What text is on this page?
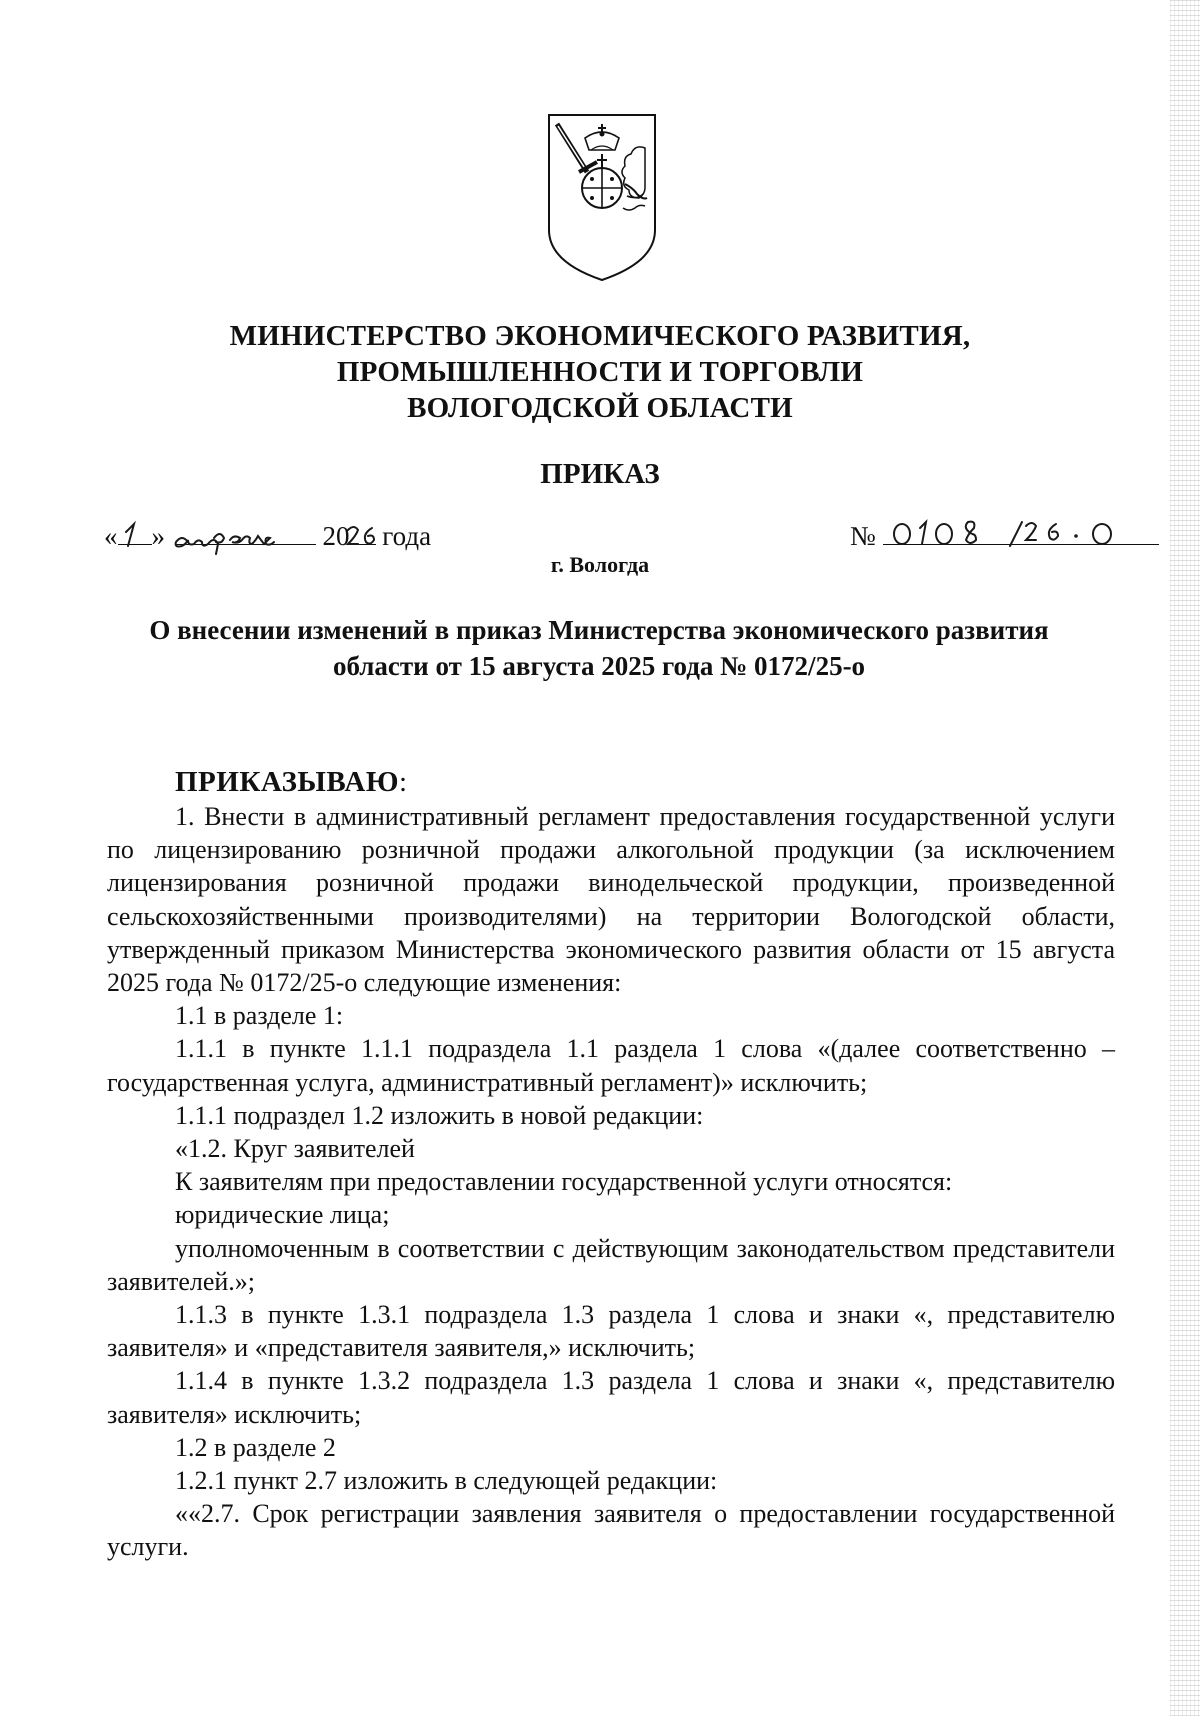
МИНИСТЕРСТВО ЭКОНОМИЧЕСКОГО РАЗВИТИЯ,
ПРОМЫШЛЕННОСТИ И ТОРГОВЛИ
ВОЛОГОДСКОЙ ОБЛАСТИ
ПРИКАЗ
« »	20 года	№
г. Вологда
О внесении изменений в приказ Министерства экономического развития
области от 15 августа 2025 года № 0172/25-о
ПРИКАЗЫВАЮ:

1. Внести в административный регламент предоставления государственной услуги по лицензированию розничной продажи алкогольной продукции (за исключением лицензирования розничной продажи винодельческой продукции, произведенной сельскохозяйственными производителями) на территории Вологодской области, утвержденный приказом Министерства экономического развития области от 15 августа 2025 года № 0172/25-о следующие изменения:

1.1 в разделе 1:

1.1.1 в пункте 1.1.1 подраздела 1.1 раздела 1 слова «(далее соответственно – государственная услуга, административный регламент)» исключить;

1.1.1 подраздел 1.2 изложить в новой редакции:

«1.2. Круг заявителей

К заявителям при предоставлении государственной услуги относятся:

юридические лица;

уполномоченным в соответствии с действующим законодательством представители заявителей.»;

1.1.3 в пункте 1.3.1 подраздела 1.3 раздела 1 слова и знаки «, представителю заявителя» и «представителя заявителя,» исключить;

1.1.4 в пункте 1.3.2 подраздела 1.3 раздела 1 слова и знаки «, представителю заявителя» исключить;

1.2 в разделе 2

1.2.1 пункт 2.7 изложить в следующей редакции:

««2.7. Срок регистрации заявления заявителя о предоставлении государственной услуги.
